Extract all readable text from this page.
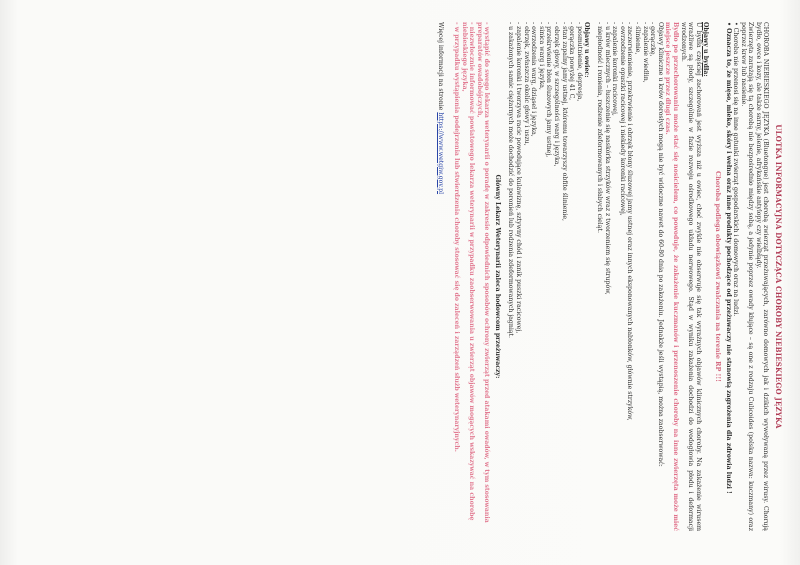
ULOTKA INFORMACYJNA DOTYCZĄCA CHOROBY NIEBIESKIEGO JĘZYKA

CHOROBA NIEBIESKIEGO JĘZYKA (Bluetongue) jest chorobą zwierząt przeżuwających, zarówno domowych jak i dzikich wywoływaną przez wirusy. Chorują bydło, owce i kozy, ale także sarny, jelenie, afrykańskie antylopy czy wielbłądy.

Zwierzęta zarażają się tą chorobą nie bezpośrednio między sobą, a jedynie poprzez owady kłujące – są one z rodzaju Culicoides (polska nazwa: kuczmany) oraz poprzez krew lub nasienie.

• Choroba nie przenosi się na inne gatunki zwierząt gospodarskich i domowych oraz na ludzi.
• Oznacza to, że mięso, mleko, skóry i wełna oraz inne produkty pochodzące od przeżuwaczy nie stanowią zagrożenia dla zdrowia ludzi !
Choroba podlega obowiązkowi zwalczania na terenie RP !!!
Objawy u bydła:

U bydła częściej zachorowań jest wyższa niż u owiec, choć zwykle nie obserwuje się tak wyraźnych objawów klinicznych choroby. Na zakażenie wirusem wrażliwe są płody, szczególnie w fazie rozwoju ośrodkowego układu nerwowego. Stąd w wyniku zakażenia dochodzi do wodogłowia płodu i deformacji wrodzonych.

Bydło po przechorowaniu może stać się nosicielem, co powoduje, że zakażenie kuczmanów i przenoszenie choroby na inne zwierzęta może mieć miejsce jeszcze przez długi czas.

Objawy kliniczne u krów dorosłych mogą nie być widoczne nawet do 60-80 dnia po zakażeniu. Jednakże jeśli wystąpią, można zaobserwować:

- gorączkę,
- zapalenie wiedłin,
- ślinienie,
- zaczerwienienie, przekrwienie i obrzęk błony śluzowej jamy ustnej oraz innych eksponowanych nabłonków, głównie strzyków,
- owrzodzenie opuszki racicowej i niekiedy koronki racicowej,
- zapalenie koronki racicowej,
- u krów mlecznych – łuszczenie się naskórka strzyków wraz z tworzeniem się strupów,
- niepłodność i ronienia, rodzenie zdeformowanych i słabych cieląt.
Objawy u owiec:
- posmutnienie, depresja,
- gorączka powyżej 41 C,
- stan zapalny jamy ustnej, któremu towarzyszy obfite ślinienie,
- obrzęk głowy, w szczególności warg i języka,
- przekrwienie błon śluzowych jamy ustnej,
- sinica warg i języka,
- owrzodzenia warg, dziąseł i języka,
- obrzęk, zwłaszcza okolic głowy i uszu,
- zapalenie koronki i tworzywa racic powodujące kulawiznę, sztywny chód i zanik puszki racicowej,
- u zakażonych samic ciężarnych może dochodzić do poronień lub rodzenia zdeformowanych jagniąt.
Główny Lekarz Weterynarii zaleca hodowcom przeżuwaczy:
- wystąpić do swego lekarza weterynarii o poradę w zakresie odpowiednich sposobów ochrony zwierząt przed atakami owadów, w tym stosowania preparatów owadobójczych,
- niezwłocznie informować powiatowego lekarza weterynarii w przypadku zaobserwowania u zwierząt objawów mogących wskazywać na chorobę niebieskiego języka,
- w przypadku wystąpienia podejrzenia lub stwierdzenia choroby stosować się do zaleceń i zarządzeń służb weterynaryjnych.
Więcej informacji na stronie https://www.wetgiw.gov.pl
